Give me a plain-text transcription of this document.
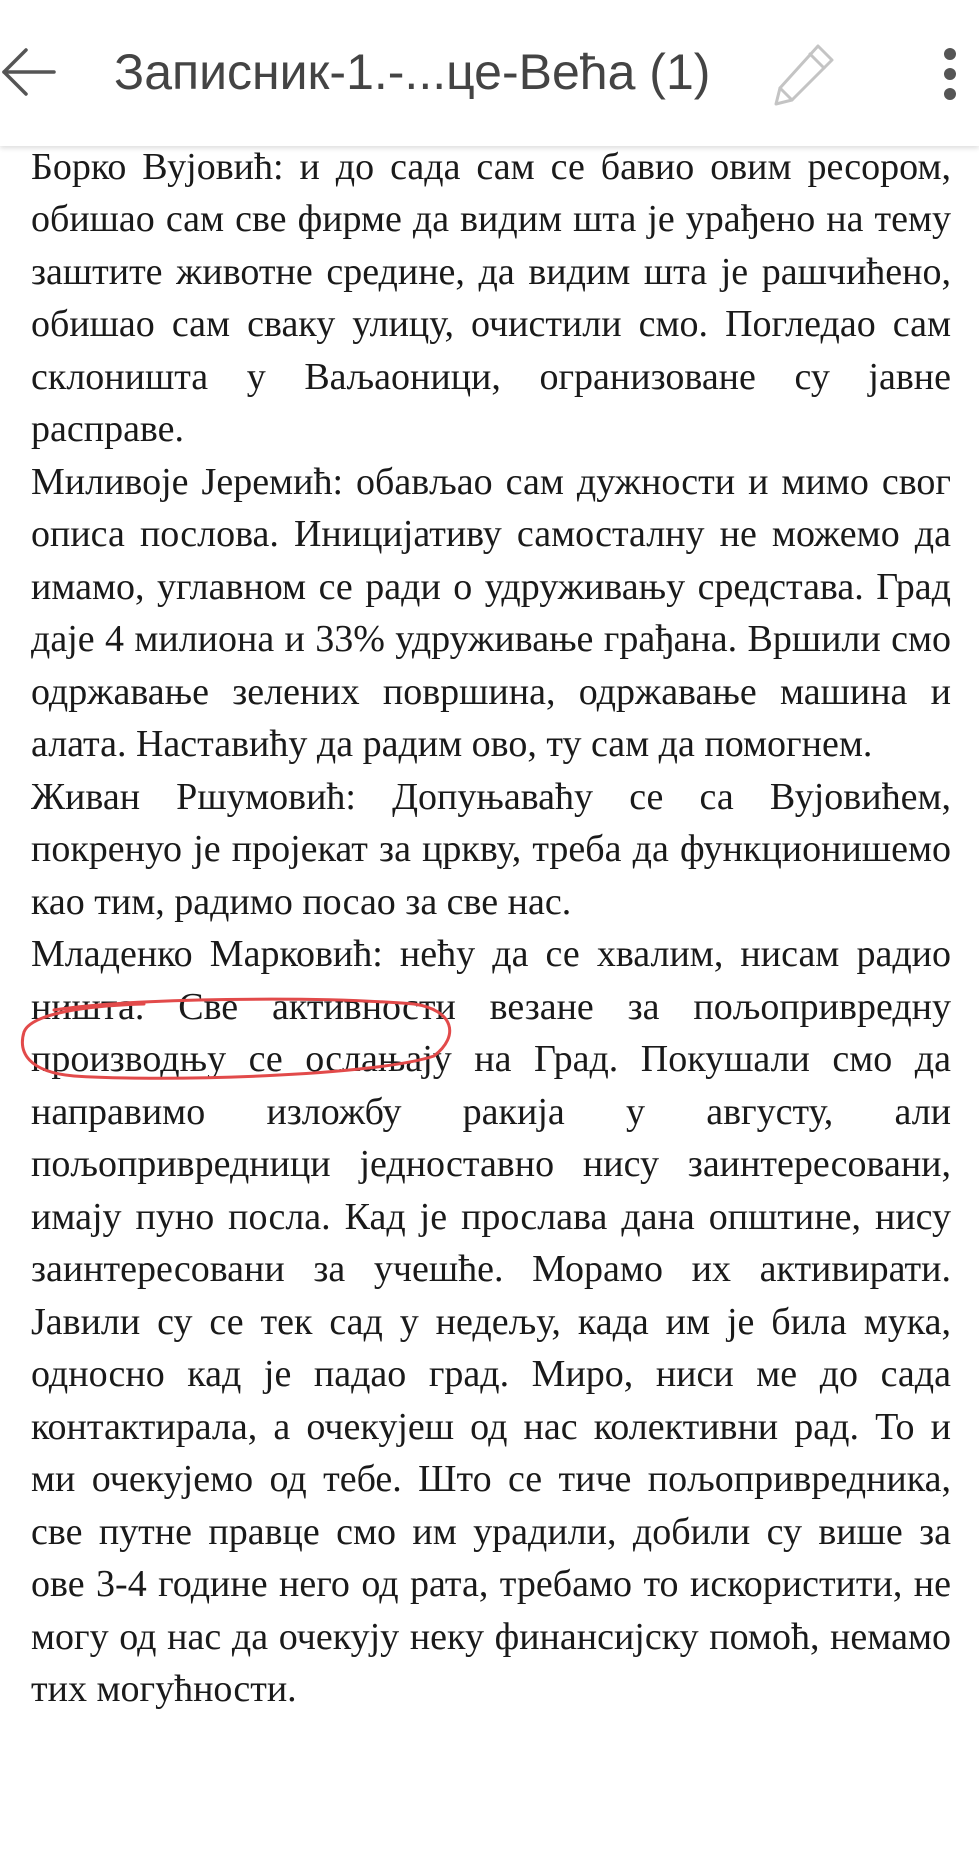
Записник-1.-...це-Већа (1)

Борко Вујовић: и до сада сам се бавио овим ресором, обишао сам све фирме да видим шта је урађено на тему заштите животне средине, да видим шта је рашчићено, обишао сам сваку улицу, очистили смо. Погледао сам склоништа у Ваљаоници, огранизоване су јавне расправе.

Миливоје Јеремић: обављао сам дужности и мимо свог описа послова. Иницијативу самосталну не можемо да имамо, углавном се ради о удруживању средстава. Град даје 4 милиона и 33% удруживање грађана. Вршили смо одржавање зелених површина, одржавање машина и алата. Наставићу да радим ово, ту сам да помогнем.

Живан Ршумовић: Допуњаваћу се са Вујовићем, покренуо је пројекат за цркву, треба да функционишемо као тим, радимо посао за све нас.

Младенко Марковић: нећу да се хвалим, нисам радио ништа. Све активности везане за пољопривредну производњу се ослањају на Град. Покушали смо да направимо изложбу ракија у августу, али пољопривредници једноставно нису заинтересовани, имају пуно посла. Кад је прослава дана општине, нису заинтересовани за учешће. Морамо их активирати. Јавили су се тек сад у недељу, када им је била мука, односно кад је падао град. Миро, ниси ме до сада контактирала, а очекујеш од нас колективни рад. То и ми очекујемо од тебе. Што се тиче пољопривредника, све путне правце смо им урадили, добили су више за ове 3-4 године него од рата, требамо то искористити, не могу од нас да очекују неку финансијску помоћ, немамо тих могућности.
